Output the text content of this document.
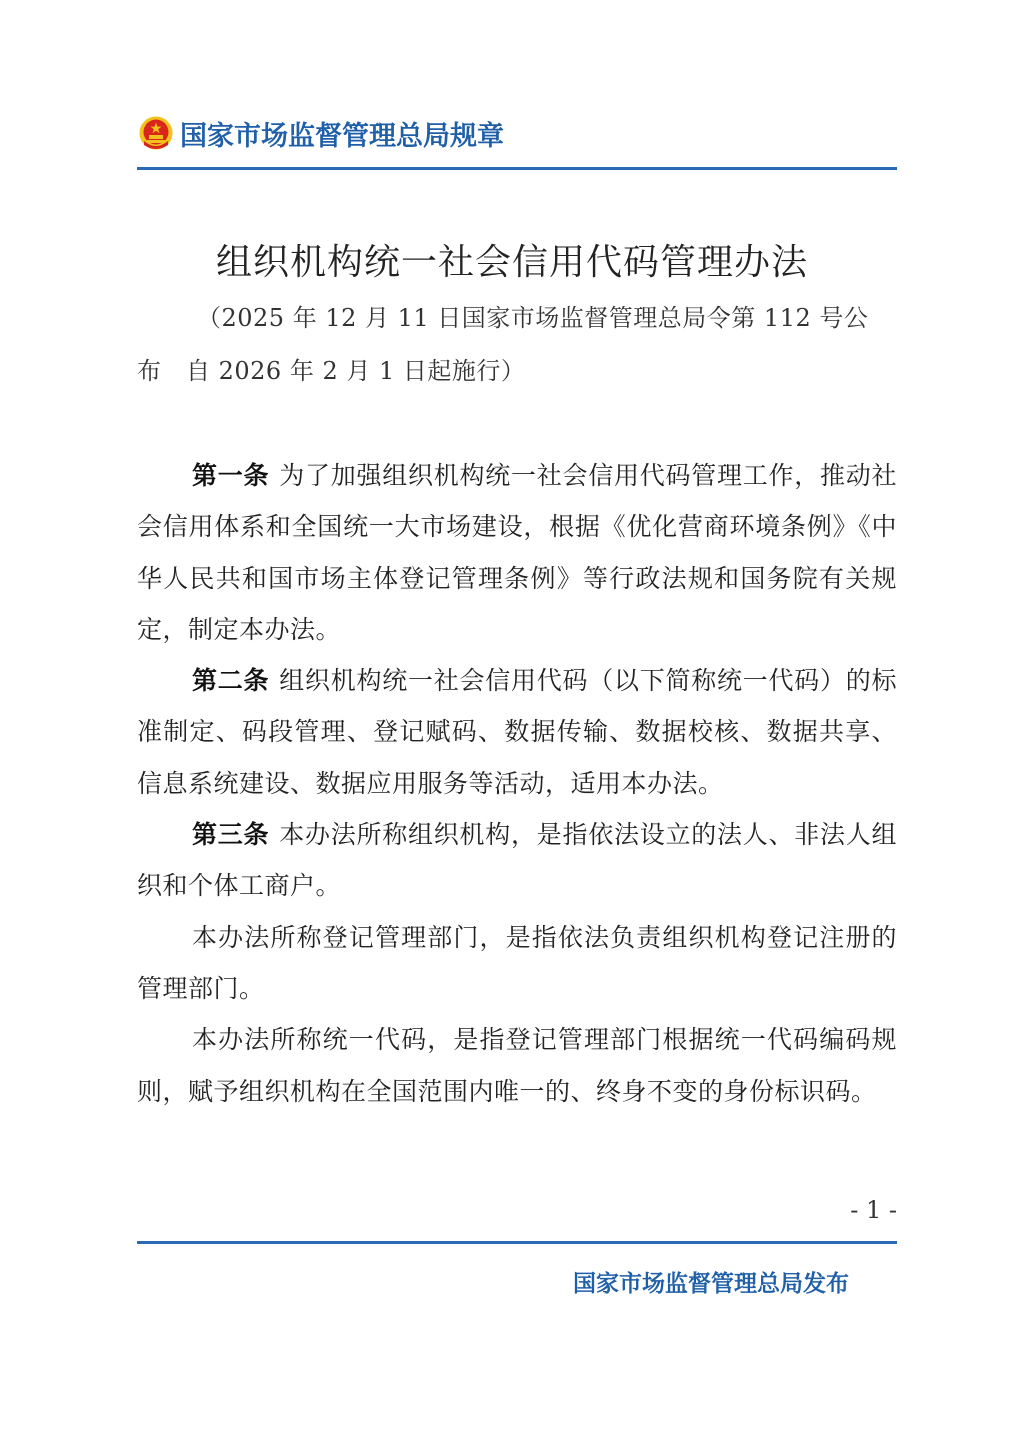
国家市场监督管理总局规章
组织机构统一社会信用代码管理办法
（2025 年 12 月 11 日国家市场监督管理总局令第 112 号公
布　自 2026 年 2 月 1 日起施行）

第一条 为了加强组织机构统一社会信用代码管理工作，推动社会信用体系和全国统一大市场建设，根据《优化营商环境条例》《中华人民共和国市场主体登记管理条例》等行政法规和国务院有关规定，制定本办法。

第二条 组织机构统一社会信用代码（以下简称统一代码）的标准制定、码段管理、登记赋码、数据传输、数据校核、数据共享、信息系统建设、数据应用服务等活动，适用本办法。

第三条 本办法所称组织机构，是指依法设立的法人、非法人组织和个体工商户。

本办法所称登记管理部门，是指依法负责组织机构登记注册的管理部门。

本办法所称统一代码，是指登记管理部门根据统一代码编码规则，赋予组织机构在全国范围内唯一的、终身不变的身份标识码。

- 1 -
国家市场监督管理总局发布
